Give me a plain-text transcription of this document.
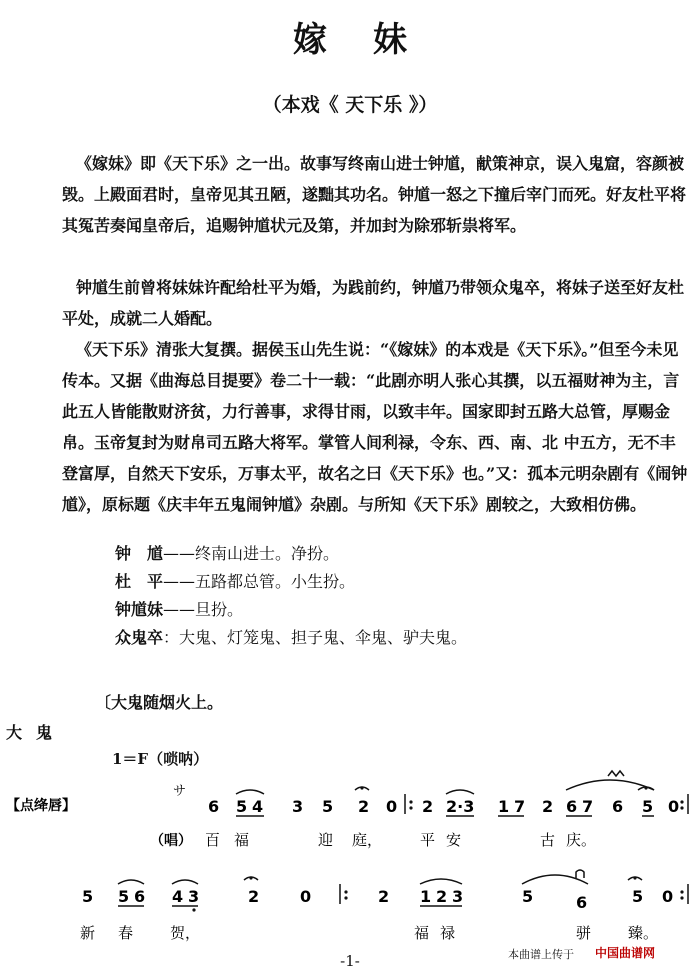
嫁妹
（本戏《 天下乐 》）
《嫁妹》即《天下乐》之一出。故事写终南山进士钟馗，献策神京，误入鬼窟，容颜被毁。上殿面君时，皇帝见其丑陋，遂黜其功名。钟馗一怒之下撞后宰门而死。好友杜平将其冤苦奏闻皇帝后，追赐钟馗状元及第，并加封为除邪斩祟将军。
钟馗生前曾将妹妹许配给杜平为婚，为践前约，钟馗乃带领众鬼卒，将妹子送至好友杜平处，成就二人婚配。
《天下乐》清张大复撰。据侯玉山先生说：“《嫁妹》的本戏是《天下乐》。”但至今未见传本。又据《曲海总目提要》卷二十一载：“此剧亦明人张心其撰，以五福财神为主，言此五人皆能散财济贫，力行善事，求得甘雨，以致丰年。国家即封五路大总管，厚赐金帛。玉帝复封为财帛司五路大将军。掌管人间利禄，令东、西、南、北 中五方，无不丰登富厚，自然天下安乐，万事太平，故名之曰《天下乐》也。”又：孤本元明杂剧有《闹钟馗》，原标题《庆丰年五鬼闹钟馗》杂剧。与所知《天下乐》剧较之，大致相仿佛。
钟　馗——终南山进士。净扮。
杜　平——五路都总管。小生扮。
钟馗妹——旦扮。
众鬼卒：大鬼、灯笼鬼、担子鬼、伞鬼、驴夫鬼。
〔大鬼随烟火上。
大鬼
1＝F（唢呐）
【点绛唇】
サ
（唱）
6 5 4 3 5 2 0 2 2·3 1 7 2 6 7 6 5 0
百 福	迎 庭，	平 安	古 庆。
5 5 6 4 3	2	0	2 1 2 3	5	6	5 0
新 春 贺，	福 禄	骈 臻。
本曲谱上传于 中国曲谱网
-1-
